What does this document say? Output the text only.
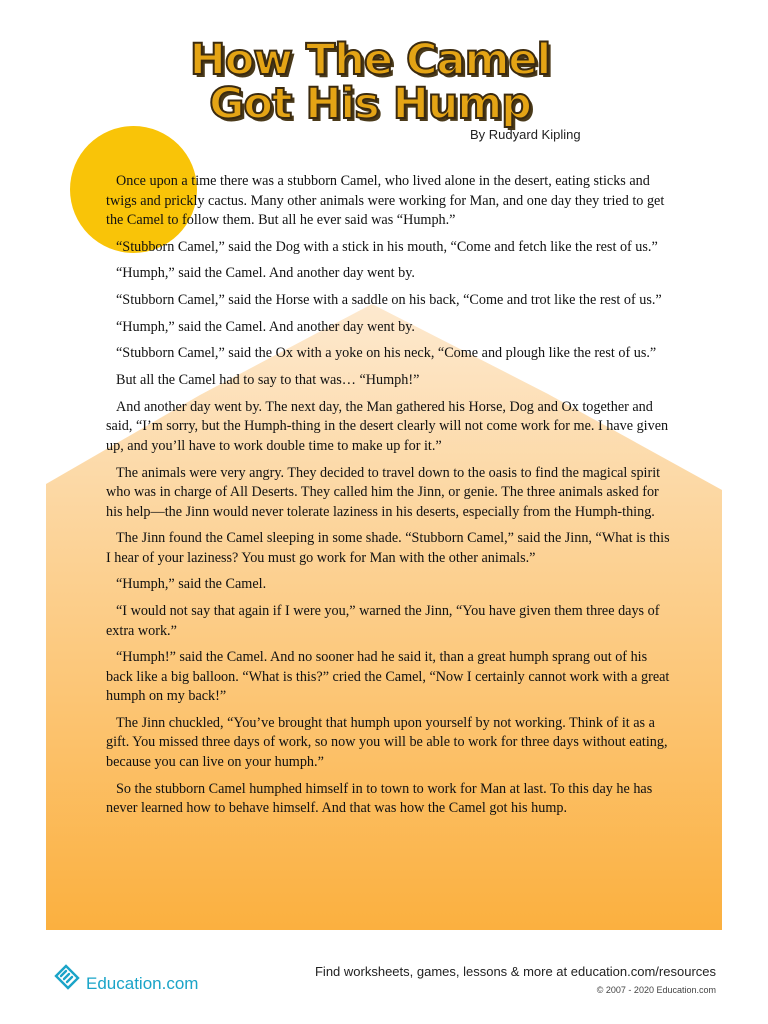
How The Camel
Got His Hump
By Rudyard Kipling

Once upon a time there was a stubborn Camel, who lived alone in the desert, eating sticks and twigs and prickly cactus. Many other animals were working for Man, and one day they tried to get the Camel to follow them. But all he ever said was “Humph.”

“Stubborn Camel,” said the Dog with a stick in his mouth, “Come and fetch like the rest of us.”

“Humph,” said the Camel. And another day went by.

“Stubborn Camel,” said the Horse with a saddle on his back, “Come and trot like the rest of us.”

“Humph,” said the Camel. And another day went by.

“Stubborn Camel,” said the Ox with a yoke on his neck, “Come and plough like the rest of us.”

But all the Camel had to say to that was… “Humph!”

And another day went by. The next day, the Man gathered his Horse, Dog and Ox together and said, “I’m sorry, but the Humph-thing in the desert clearly will not come work for me. I have given up, and you’ll have to work double time to make up for it.”

The animals were very angry. They decided to travel down to the oasis to find the magical spirit who was in charge of All Deserts. They called him the Jinn, or genie. The three animals asked for his help—the Jinn would never tolerate laziness in his deserts, especially from the Humph-thing.

The Jinn found the Camel sleeping in some shade. “Stubborn Camel,” said the Jinn, “What is this I hear of your laziness? You must go work for Man with the other animals.”

“Humph,” said the Camel.

“I would not say that again if I were you,” warned the Jinn, “You have given them three days of extra work.”

“Humph!” said the Camel. And no sooner had he said it, than a great humph sprang out of his back like a big balloon. “What is this?” cried the Camel, “Now I certainly cannot work with a great humph on my back!”

The Jinn chuckled, “You’ve brought that humph upon yourself by not working. Think of it as a gift. You missed three days of work, so now you will be able to work for three days without eating, because you can live on your humph.”

So the stubborn Camel humphed himself in to town to work for Man at last. To this day he has never learned how to behave himself. And that was how the Camel got his hump.

Education.com
Find worksheets, games, lessons & more at education.com/resources
© 2007 - 2020 Education.com
